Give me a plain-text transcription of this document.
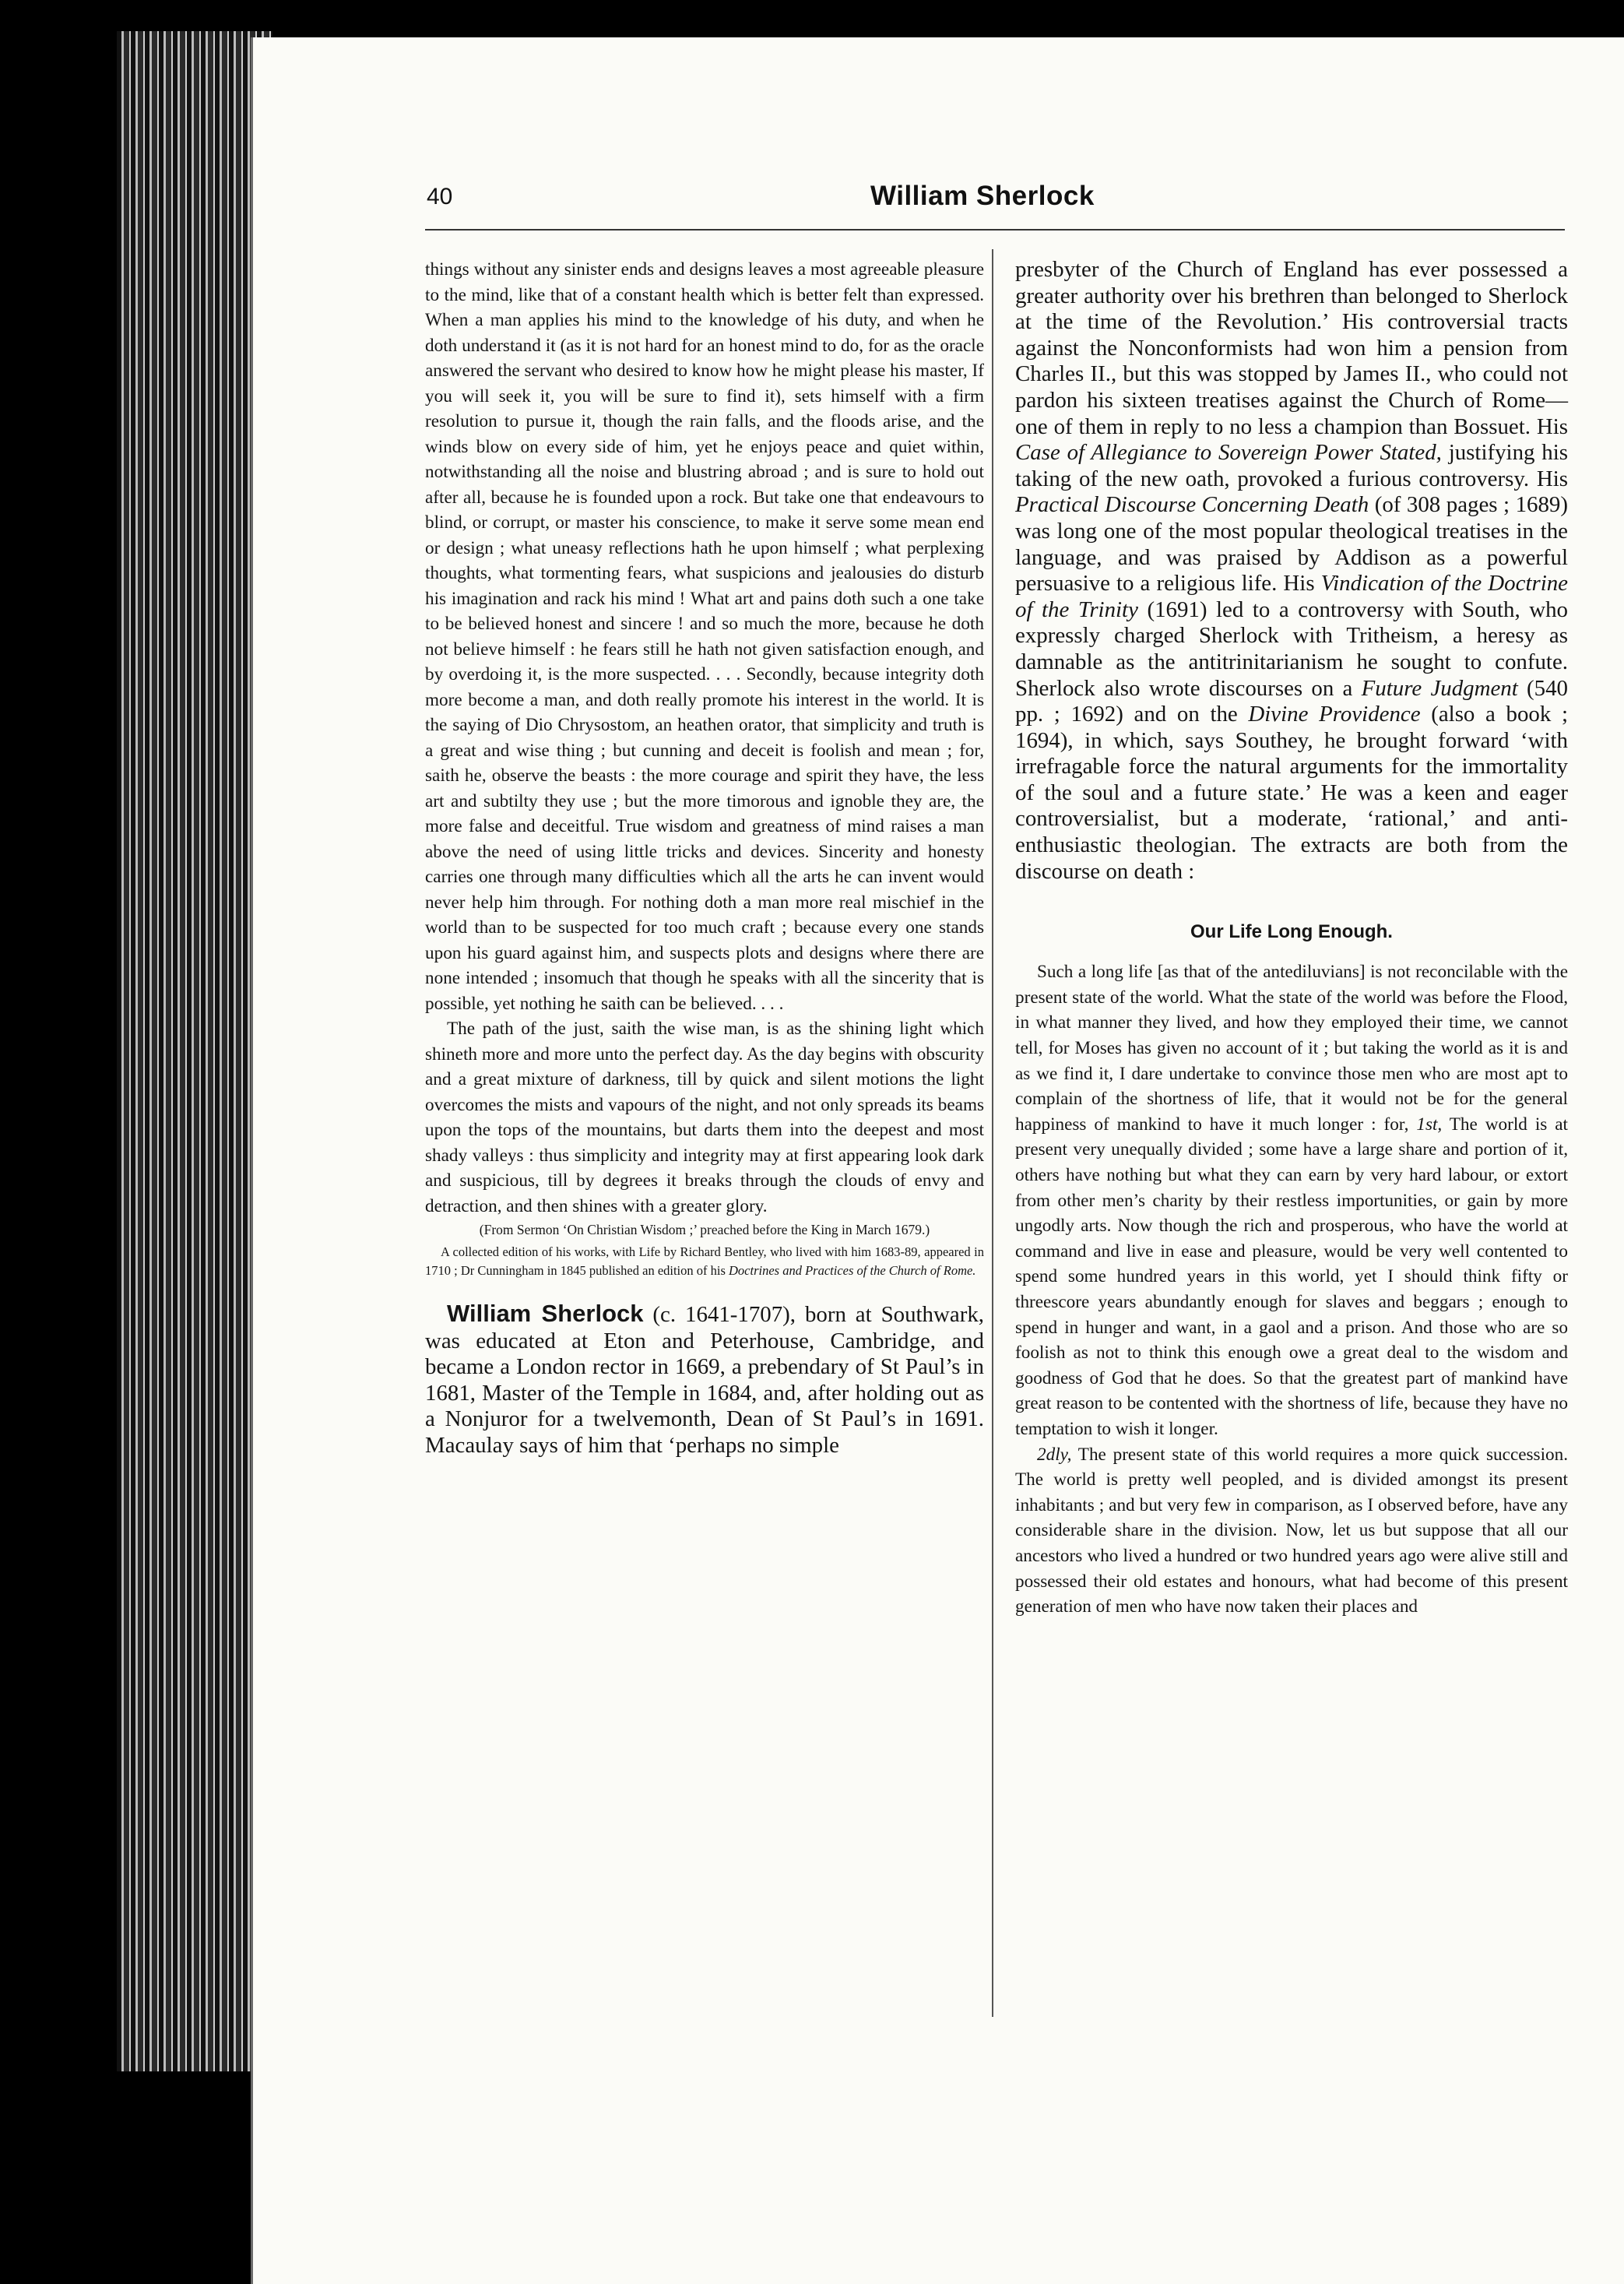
40	William Sherlock

things without any sinister ends and designs leaves a most agreeable pleasure to the mind, like that of a constant health which is better felt than expressed. When a man applies his mind to the knowledge of his duty, and when he doth understand it (as it is not hard for an honest mind to do, for as the oracle answered the servant who desired to know how he might please his master, If you will seek it, you will be sure to find it), sets himself with a firm resolution to pursue it, though the rain falls, and the floods arise, and the winds blow on every side of him, yet he enjoys peace and quiet within, notwithstanding all the noise and blustring abroad ; and is sure to hold out after all, because he is founded upon a rock. But take one that endeavours to blind, or corrupt, or master his conscience, to make it serve some mean end or design ; what uneasy reflections hath he upon himself ; what perplexing thoughts, what tormenting fears, what suspicions and jealousies do disturb his imagination and rack his mind ! What art and pains doth such a one take to be believed honest and sincere ! and so much the more, because he doth not believe himself : he fears still he hath not given satisfaction enough, and by overdoing it, is the more suspected. . . . Secondly, because integrity doth more become a man, and doth really promote his interest in the world. It is the saying of Dio Chrysostom, an heathen orator, that simplicity and truth is a great and wise thing ; but cunning and deceit is foolish and mean ; for, saith he, observe the beasts : the more courage and spirit they have, the less art and subtilty they use ; but the more timorous and ignoble they are, the more false and deceitful. True wisdom and greatness of mind raises a man above the need of using little tricks and devices. Sincerity and honesty carries one through many difficulties which all the arts he can invent would never help him through. For nothing doth a man more real mischief in the world than to be suspected for too much craft ; because every one stands upon his guard against him, and suspects plots and designs where there are none intended ; insomuch that though he speaks with all the sincerity that is possible, yet nothing he saith can be believed. . . .

The path of the just, saith the wise man, is as the shining light which shineth more and more unto the perfect day. As the day begins with obscurity and a great mixture of darkness, till by quick and silent motions the light overcomes the mists and vapours of the night, and not only spreads its beams upon the tops of the mountains, but darts them into the deepest and most shady valleys : thus simplicity and integrity may at first appearing look dark and suspicious, till by degrees it breaks through the clouds of envy and detraction, and then shines with a greater glory.

(From Sermon ‘On Christian Wisdom ;’ preached before the King in March 1679.)

A collected edition of his works, with Life by Richard Bentley, who lived with him 1683-89, appeared in 1710 ; Dr Cunningham in 1845 published an edition of his Doctrines and Practices of the Church of Rome.

William Sherlock (c. 1641-1707), born at Southwark, was educated at Eton and Peterhouse, Cambridge, and became a London rector in 1669, a prebendary of St Paul’s in 1681, Master of the Temple in 1684, and, after holding out as a Nonjuror for a twelvemonth, Dean of St Paul’s in 1691. Macaulay says of him that ‘perhaps no simple

presbyter of the Church of England has ever possessed a greater authority over his brethren than belonged to Sherlock at the time of the Revolution.’ His controversial tracts against the Nonconformists had won him a pension from Charles II., but this was stopped by James II., who could not pardon his sixteen treatises against the Church of Rome—one of them in reply to no less a champion than Bossuet. His Case of Allegiance to Sovereign Power Stated, justifying his taking of the new oath, provoked a furious controversy. His Practical Discourse Concerning Death (of 308 pages ; 1689) was long one of the most popular theological treatises in the language, and was praised by Addison as a powerful persuasive to a religious life. His Vindication of the Doctrine of the Trinity (1691) led to a controversy with South, who expressly charged Sherlock with Tritheism, a heresy as damnable as the antitrinitarianism he sought to confute. Sherlock also wrote discourses on a Future Judgment (540 pp. ; 1692) and on the Divine Providence (also a book ; 1694), in which, says Southey, he brought forward ‘with irrefragable force the natural arguments for the immortality of the soul and a future state.’ He was a keen and eager controversialist, but a moderate, ‘rational,’ and anti-enthusiastic theologian. The extracts are both from the discourse on death :

Our Life Long Enough.

Such a long life [as that of the antediluvians] is not reconcilable with the present state of the world. What the state of the world was before the Flood, in what manner they lived, and how they employed their time, we cannot tell, for Moses has given no account of it ; but taking the world as it is and as we find it, I dare undertake to convince those men who are most apt to complain of the shortness of life, that it would not be for the general happiness of mankind to have it much longer : for, 1st, The world is at present very unequally divided ; some have a large share and portion of it, others have nothing but what they can earn by very hard labour, or extort from other men’s charity by their restless importunities, or gain by more ungodly arts. Now though the rich and prosperous, who have the world at command and live in ease and pleasure, would be very well contented to spend some hundred years in this world, yet I should think fifty or threescore years abundantly enough for slaves and beggars ; enough to spend in hunger and want, in a gaol and a prison. And those who are so foolish as not to think this enough owe a great deal to the wisdom and goodness of God that he does. So that the greatest part of mankind have great reason to be contented with the shortness of life, because they have no temptation to wish it longer.

2dly, The present state of this world requires a more quick succession. The world is pretty well peopled, and is divided amongst its present inhabitants ; and but very few in comparison, as I observed before, have any considerable share in the division. Now, let us but suppose that all our ancestors who lived a hundred or two hundred years ago were alive still and possessed their old estates and honours, what had become of this present generation of men who have now taken their places and
